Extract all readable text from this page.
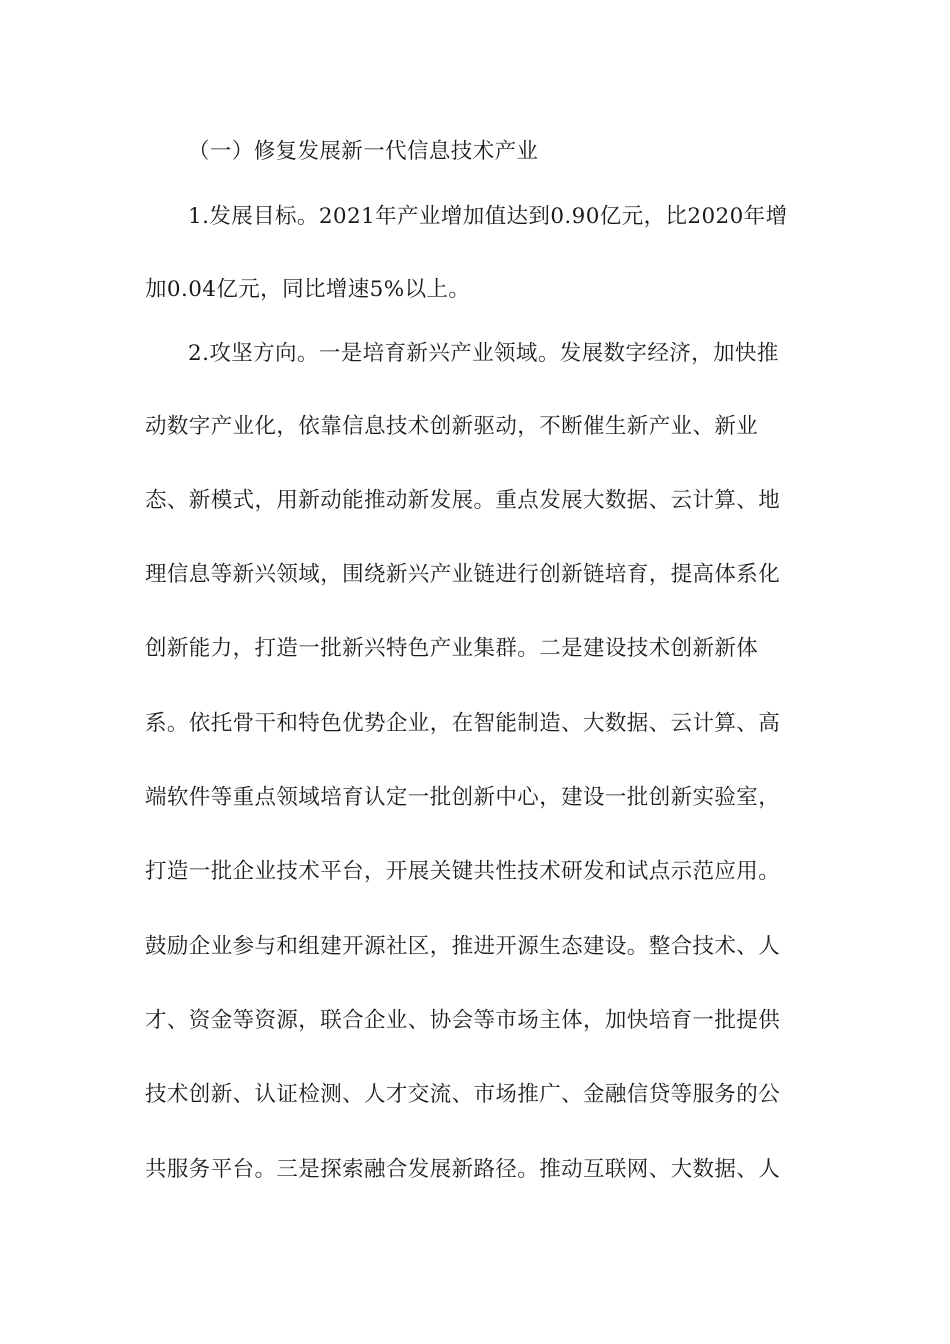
（一）修复发展新一代信息技术产业
1.发展目标。2021年产业增加值达到0.90亿元，比2020年增
加0.04亿元，同比增速5%以上。
2.攻坚方向。一是培育新兴产业领域。发展数字经济，加快推
动数字产业化，依靠信息技术创新驱动，不断催生新产业、新业
态、新模式，用新动能推动新发展。重点发展大数据、云计算、地
理信息等新兴领域，围绕新兴产业链进行创新链培育，提高体系化
创新能力，打造一批新兴特色产业集群。二是建设技术创新新体
系。依托骨干和特色优势企业，在智能制造、大数据、云计算、高
端软件等重点领域培育认定一批创新中心，建设一批创新实验室，
打造一批企业技术平台，开展关键共性技术研发和试点示范应用。
鼓励企业参与和组建开源社区，推进开源生态建设。整合技术、人
才、资金等资源，联合企业、协会等市场主体，加快培育一批提供
技术创新、认证检测、人才交流、市场推广、金融信贷等服务的公
共服务平台。三是探索融合发展新路径。推动互联网、大数据、人
